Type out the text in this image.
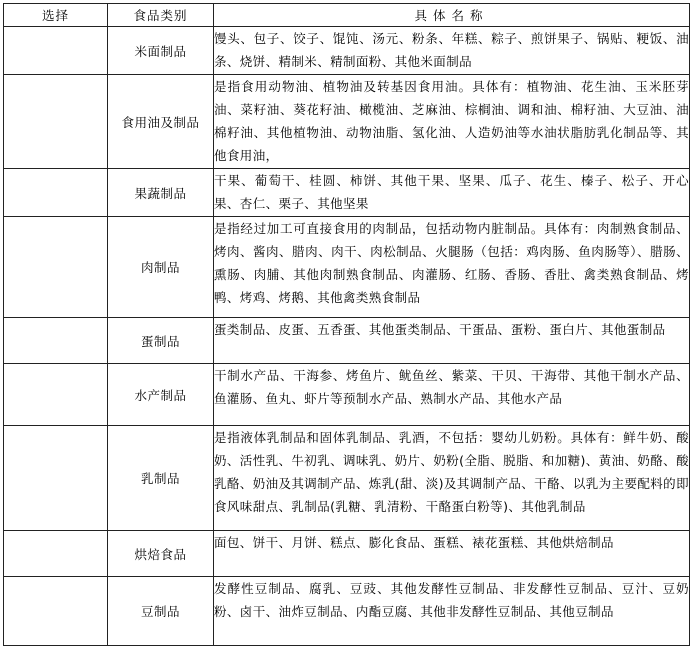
选择	食品类别	具体名称
	米面制品	馒头、包子、饺子、馄饨、汤元、粉条、年糕、粽子、煎饼果子、锅贴、粳饭、油条、烧饼、精制米、精制面粉、其他米面制品
	食用油及制品	是指食用动物油、植物油及转基因食用油。具体有：植物油、花生油、玉米胚芽油、菜籽油、葵花籽油、橄榄油、芝麻油、棕榈油、调和油、棉籽油、大豆油、油棉籽油、其他植物油、动物油脂、氢化油、人造奶油等水油状脂肪乳化制品等、其他食用油，
	果蔬制品	干果、葡萄干、桂圆、柿饼、其他干果、坚果、瓜子、花生、榛子、松子、开心果、杏仁、栗子、其他坚果
	肉制品	是指经过加工可直接食用的肉制品，包括动物内脏制品。具体有：肉制熟食制品、烤肉、酱肉、腊肉、肉干、肉松制品、火腿肠（包括：鸡肉肠、鱼肉肠等）、腊肠、熏肠、肉脯、其他肉制熟食制品、肉灌肠、红肠、香肠、香肚、禽类熟食制品、烤鸭、烤鸡、烤鹅、其他禽类熟食制品
	蛋制品	蛋类制品、皮蛋、五香蛋、其他蛋类制品、干蛋品、蛋粉、蛋白片、其他蛋制品
	水产制品	干制水产品、干海参、烤鱼片、鱿鱼丝、紫菜、干贝、干海带、其他干制水产品、鱼灌肠、鱼丸、虾片等预制水产品、熟制水产品、其他水产品
	乳制品	是指液体乳制品和固体乳制品、乳酒，不包括：婴幼儿奶粉。具体有：鲜牛奶、酸奶、活性乳、牛初乳、调味乳、奶片、奶粉(全脂、脱脂、和加糖)、黄油、奶酪、酸乳酪、奶油及其调制产品、炼乳(甜、淡)及其调制产品、干酪、以乳为主要配料的即食风味甜点、乳制品(乳糖、乳清粉、干酪蛋白粉等)、其他乳制品
	烘焙食品	面包、饼干、月饼、糕点、膨化食品、蛋糕、裱花蛋糕、其他烘焙制品
	豆制品	发酵性豆制品、腐乳、豆豉、其他发酵性豆制品、非发酵性豆制品、豆汁、豆奶粉、卤干、油炸豆制品、内酯豆腐、其他非发酵性豆制品、其他豆制品
